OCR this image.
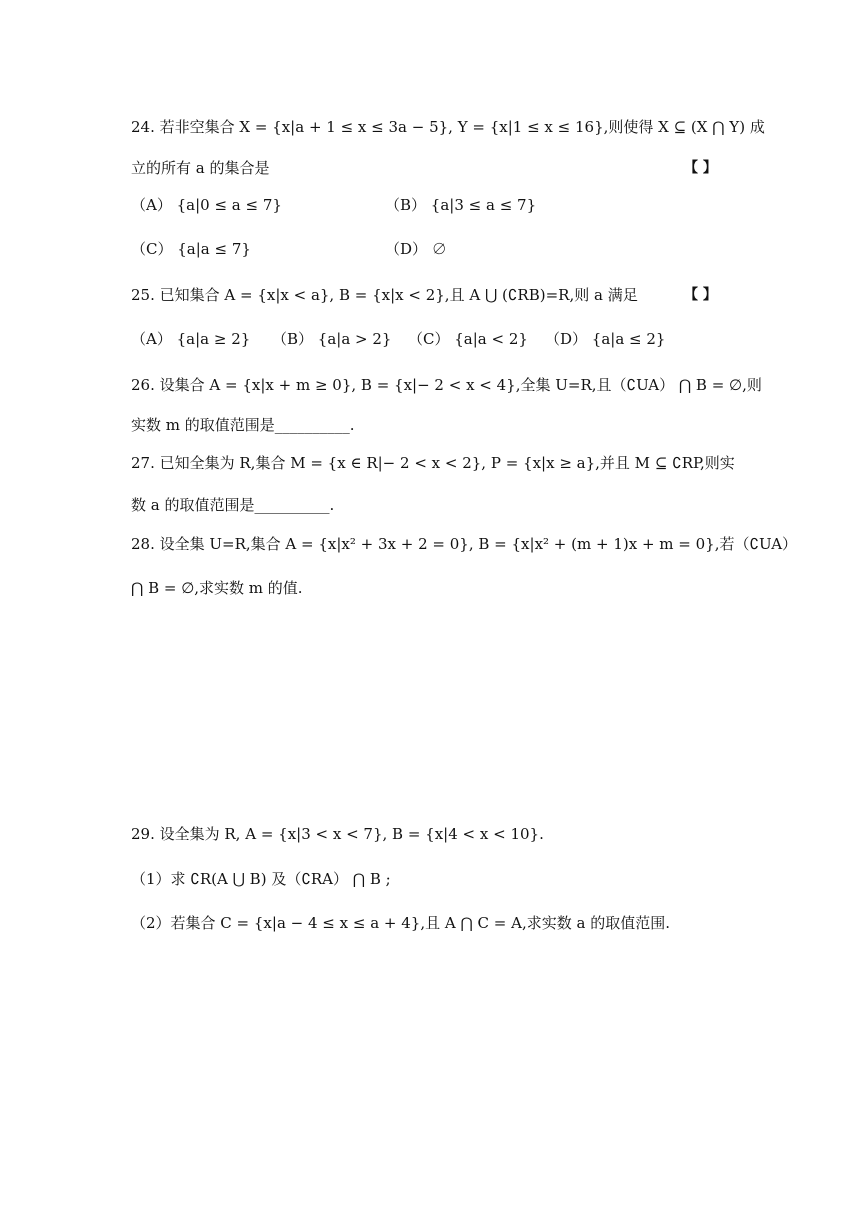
24. 若非空集合 X = {x|a + 1 ≤ x ≤ 3a − 5}, Y = {x|1 ≤ x ≤ 16},则使得 X ⊆ (X ⋂ Y) 成
立的所有 a 的集合是	【 】
（A） {a|0 ≤ a ≤ 7}	（B） {a|3 ≤ a ≤ 7}
（C） {a|a ≤ 7}	（D） ∅
25. 已知集合 A = {x|x < a}, B = {x|x < 2},且 A ⋃ (∁RB)=R,则 a 满足	【 】
（A） {a|a ≥ 2} （B） {a|a > 2} （C） {a|a < 2} （D） {a|a ≤ 2}
26. 设集合 A = {x|x + m ≥ 0}, B = {x|− 2 < x < 4},全集 U=R,且（∁UA） ⋂ B = ∅,则
实数 m 的取值范围是__________.
27. 已知全集为 R,集合 M = {x ∈ R|− 2 < x < 2}, P = {x|x ≥ a},并且 M ⊆ ∁RP,则实
数 a 的取值范围是__________.
28. 设全集 U=R,集合 A = {x|x² + 3x + 2 = 0}, B = {x|x² + (m + 1)x + m = 0},若（∁UA）
⋂ B = ∅,求实数 m 的值.
29. 设全集为 R, A = {x|3 < x < 7}, B = {x|4 < x < 10}.
（1）求 ∁R(A ⋃ B) 及（∁RA） ⋂ B ;
（2）若集合 C = {x|a − 4 ≤ x ≤ a + 4},且 A ⋂ C = A,求实数 a 的取值范围.
